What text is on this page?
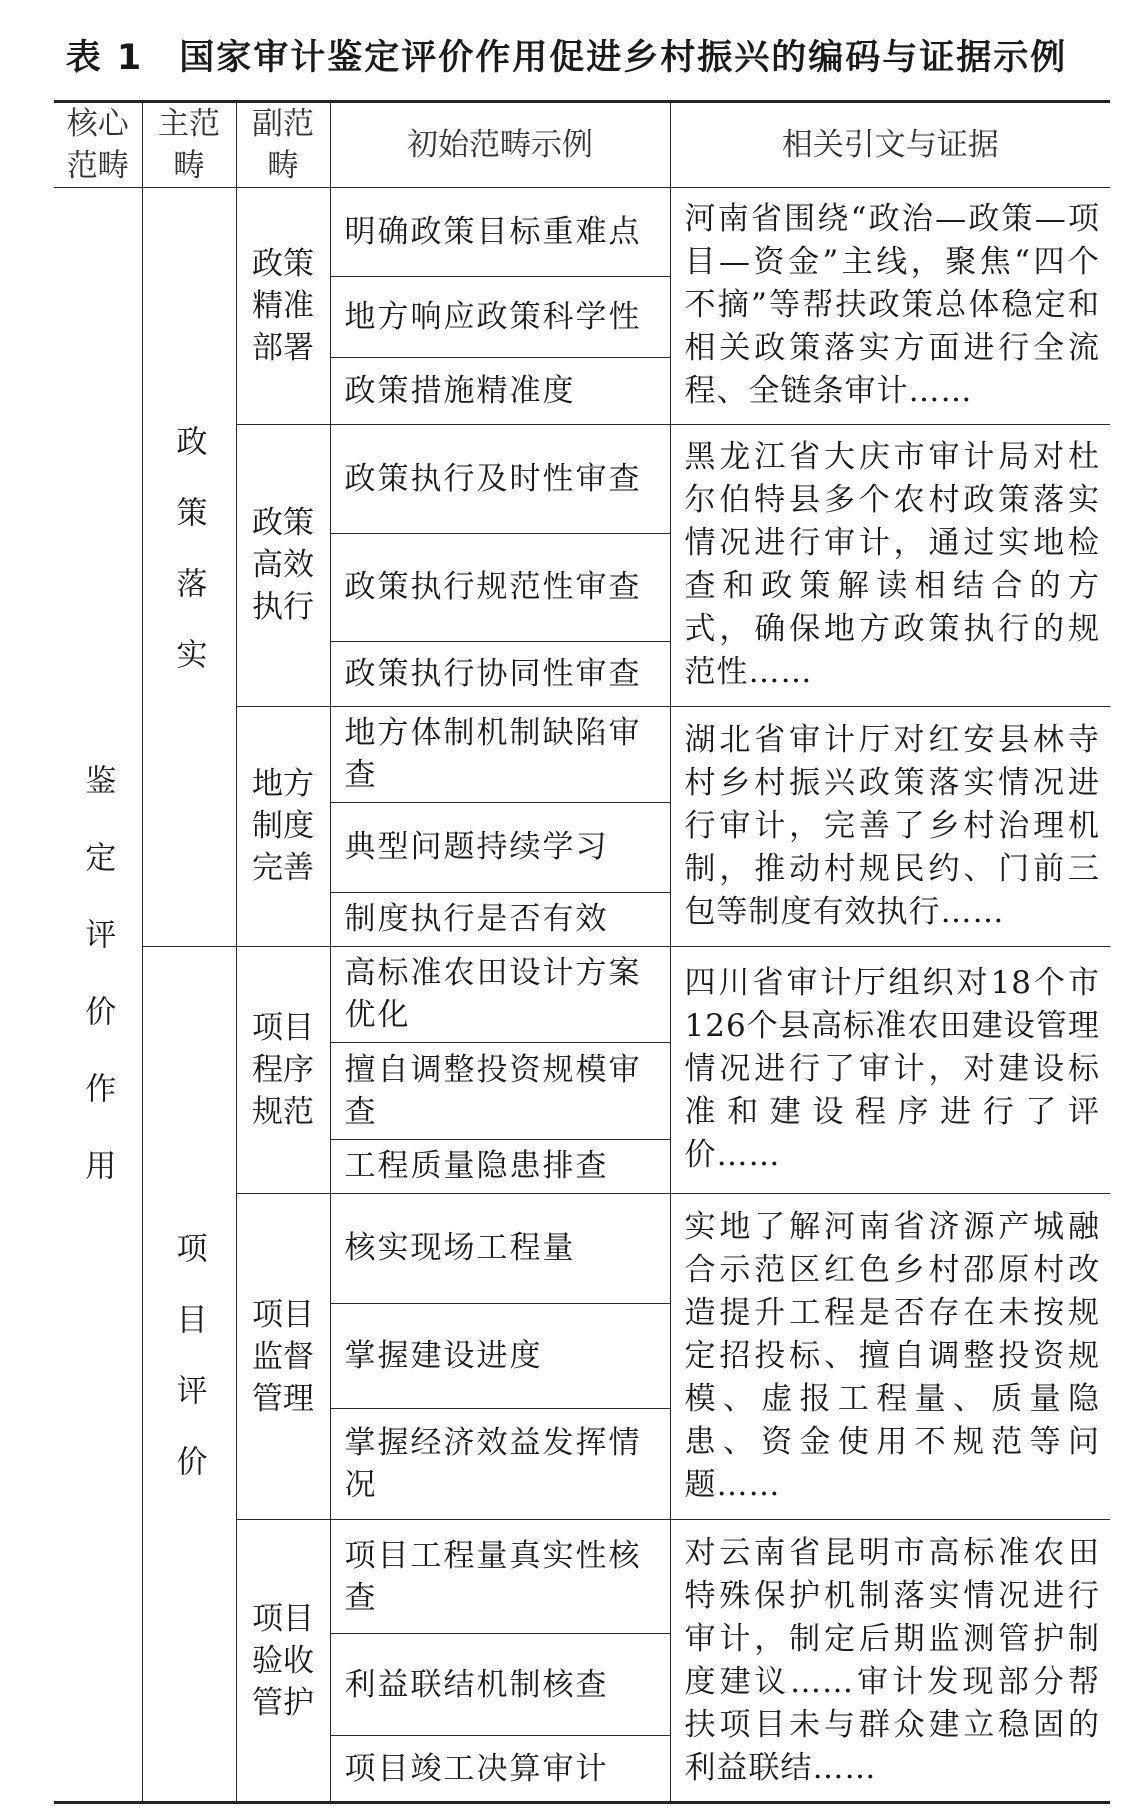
表 1 国家审计鉴定评价作用促进乡村振兴的编码与证据示例
核心范畴	主范畴	副范畴	初始范畴示例	相关引文与证据
鉴定评价作用	政策落实	政策精准部署	明确政策目标重难点	河南省围绕“政治—政策—项目—资金”主线，聚焦“四个不摘”等帮扶政策总体稳定和相关政策落实方面进行全流程、全链条审计……
			地方响应政策科学性	
			政策措施精准度	
		政策高效执行	政策执行及时性审查	黑龙江省大庆市审计局对杜尔伯特县多个农村政策落实情况进行审计，通过实地检查和政策解读相结合的方式，确保地方政策执行的规范性……
			政策执行规范性审查	
			政策执行协同性审查	
		地方制度完善	地方体制机制缺陷审查	湖北省审计厅对红安县林寺村乡村振兴政策落实情况进行审计，完善了乡村治理机制，推动村规民约、门前三包等制度有效执行……
			典型问题持续学习	
			制度执行是否有效	
	项目评价	项目程序规范	高标准农田设计方案优化	四川省审计厅组织对18个市126个县高标准农田建设管理情况进行了审计，对建设标准和建设程序进行了评价……
			擅自调整投资规模审查	
			工程质量隐患排查	
		项目监督管理	核实现场工程量	实地了解河南省济源产城融合示范区红色乡村邵原村改造提升工程是否存在未按规定招投标、擅自调整投资规模、虚报工程量、质量隐患、资金使用不规范等问题……
			掌握建设进度	
			掌握经济效益发挥情况	
		项目验收管护	项目工程量真实性核查	对云南省昆明市高标准农田特殊保护机制落实情况进行审计，制定后期监测管护制度建议……审计发现部分帮扶项目未与群众建立稳固的利益联结……
			利益联结机制核查	
			项目竣工决算审计	
